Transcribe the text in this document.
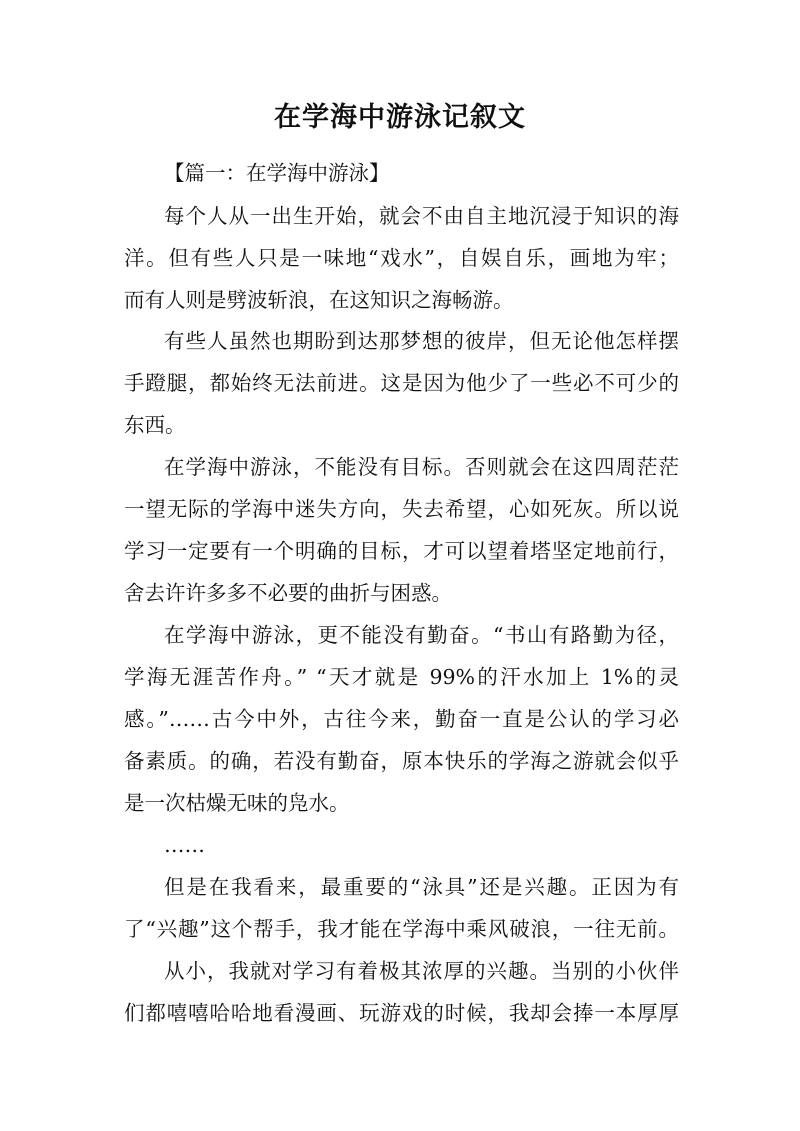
在学海中游泳记叙文
【篇一：在学海中游泳】
每个人从一出生开始，就会不由自主地沉浸于知识的海
洋。但有些人只是一味地“戏水”，自娱自乐，画地为牢；
而有人则是劈波斩浪，在这知识之海畅游。
有些人虽然也期盼到达那梦想的彼岸，但无论他怎样摆
手蹬腿，都始终无法前进。这是因为他少了一些必不可少的
东西。
在学海中游泳，不能没有目标。否则就会在这四周茫茫
一望无际的学海中迷失方向，失去希望，心如死灰。所以说
学习一定要有一个明确的目标，才可以望着塔坚定地前行，
舍去许许多多不必要的曲折与困惑。
在学海中游泳，更不能没有勤奋。“书山有路勤为径，
学海无涯苦作舟。” “天才就是 99%的汗水加上 1%的灵
感。”……古今中外，古往今来，勤奋一直是公认的学习必
备素质。的确，若没有勤奋，原本快乐的学海之游就会似乎
是一次枯燥无味的凫水。
……
但是在我看来，最重要的“泳具”还是兴趣。正因为有
了“兴趣”这个帮手，我才能在学海中乘风破浪，一往无前。
从小，我就对学习有着极其浓厚的兴趣。当别的小伙伴
们都嘻嘻哈哈地看漫画、玩游戏的时候，我却会捧一本厚厚
